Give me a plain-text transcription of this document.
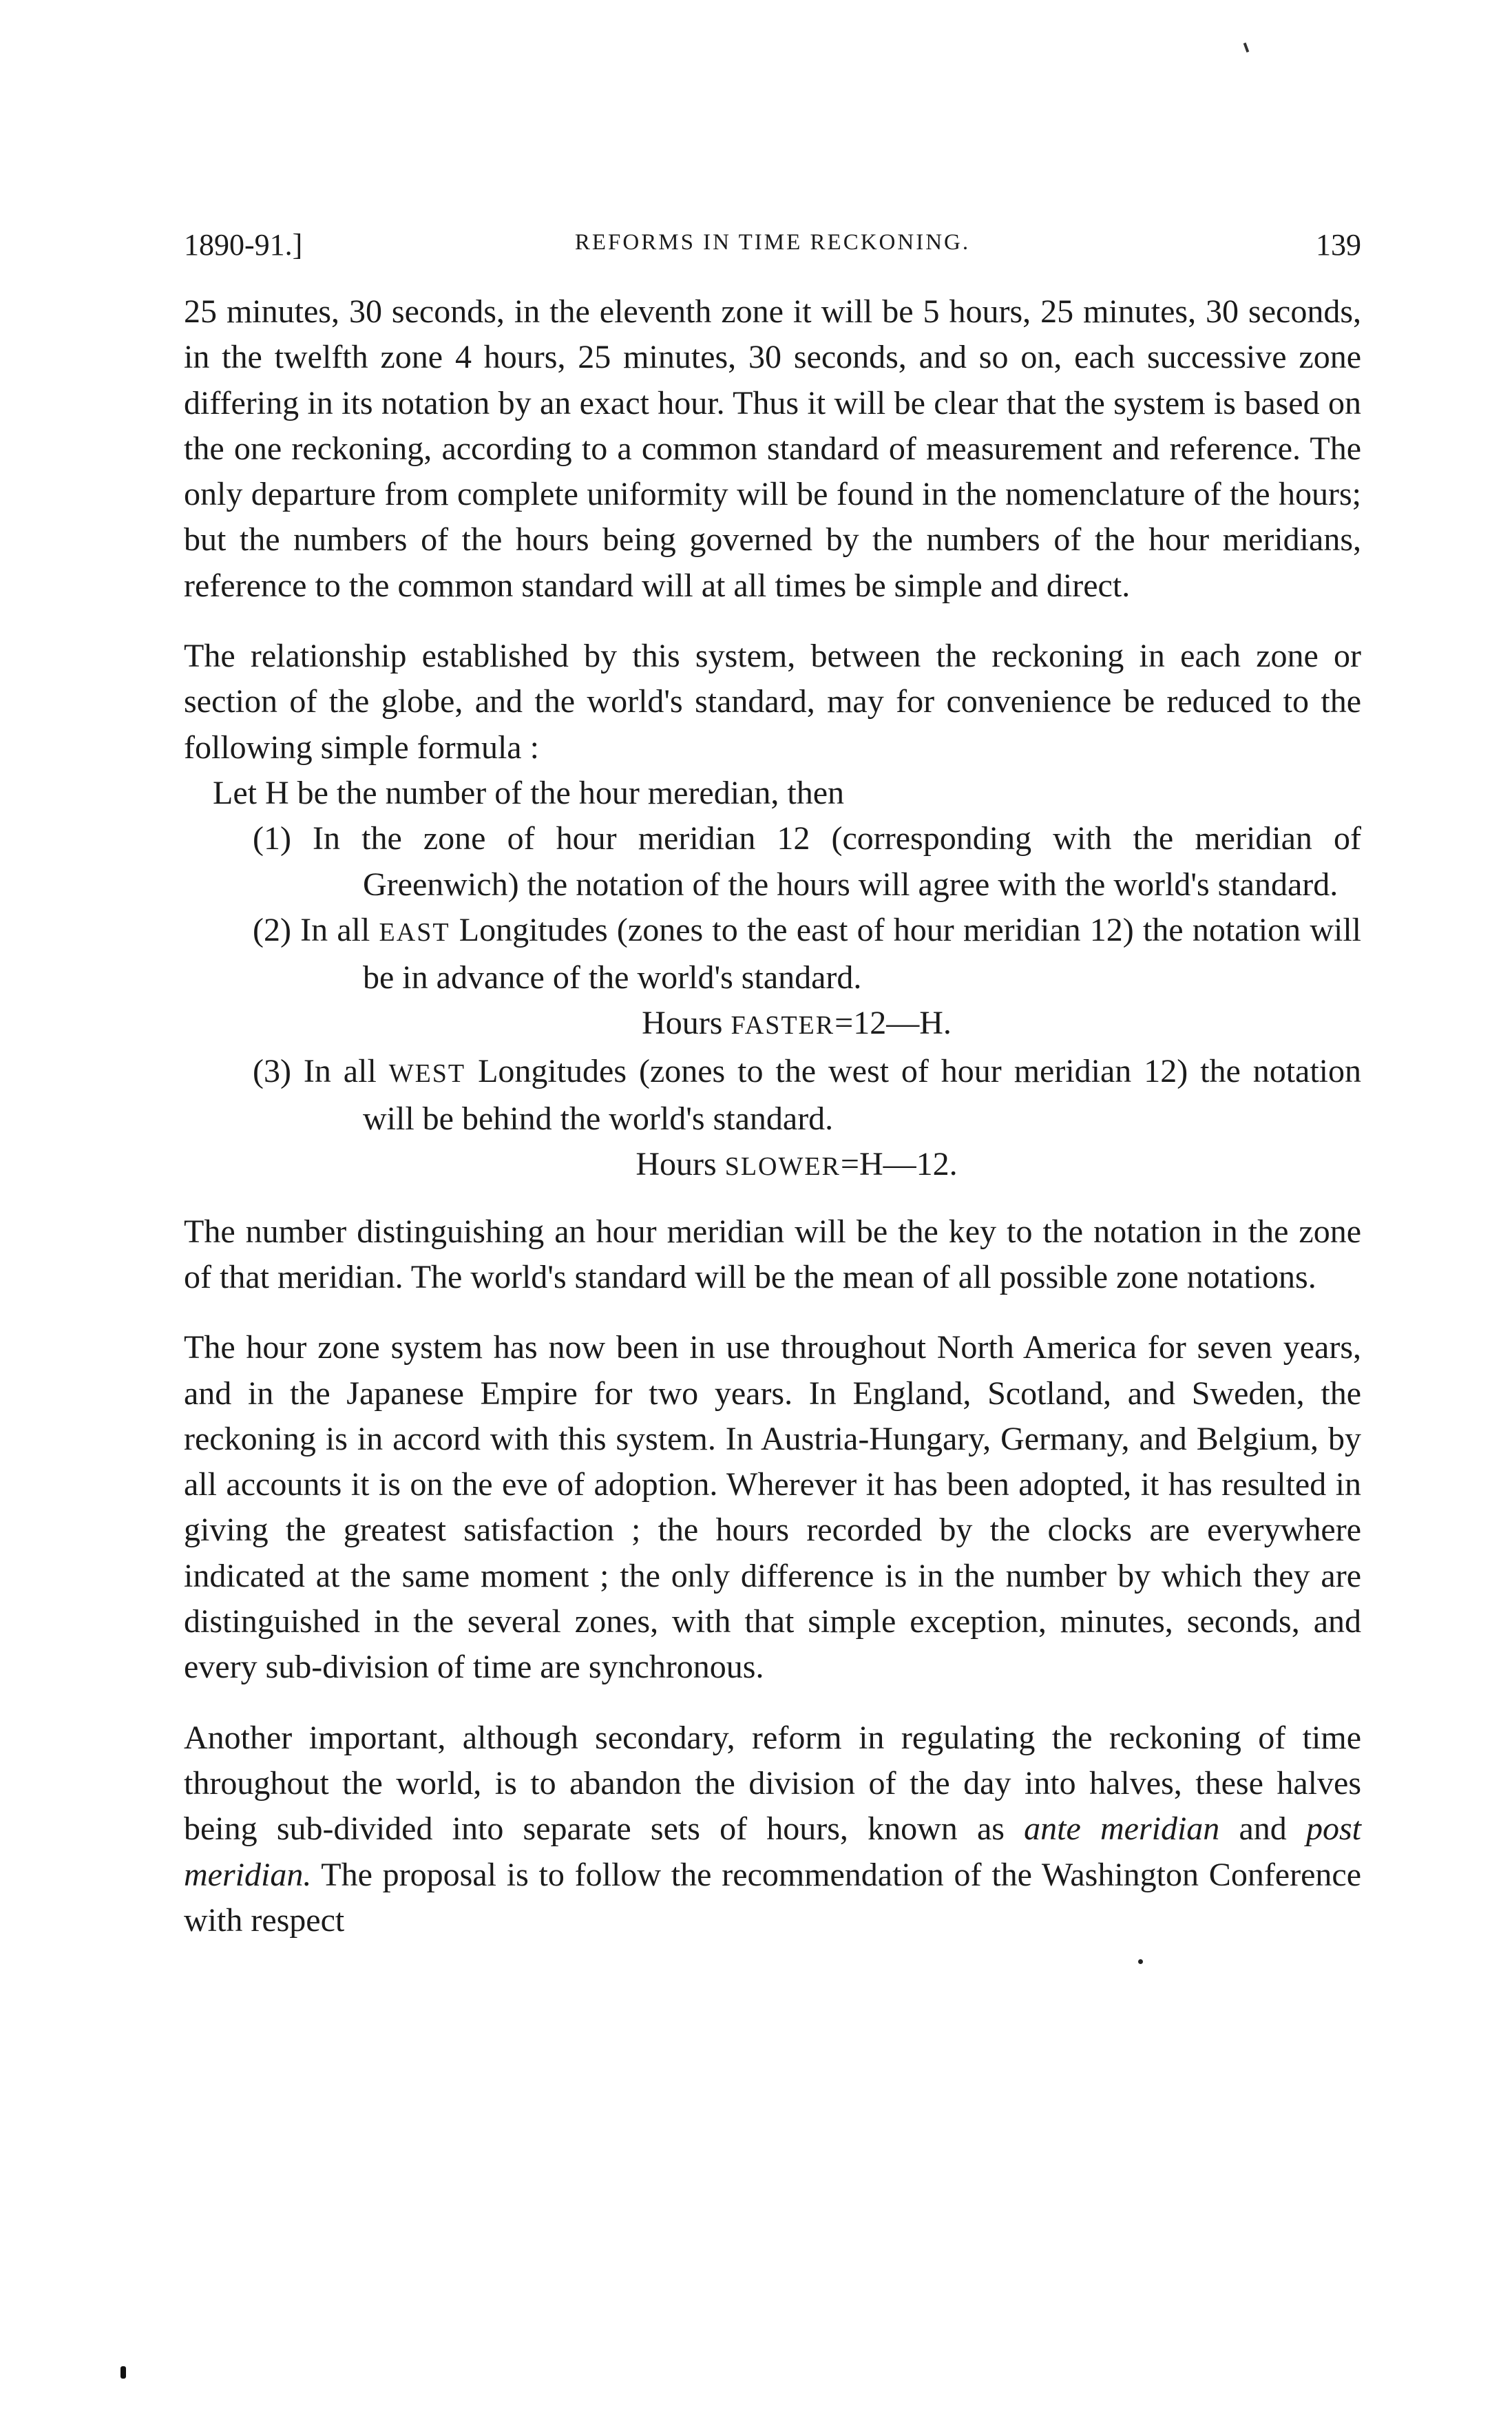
1890-91.]	REFORMS IN TIME RECKONING.	139

25 minutes, 30 seconds, in the eleventh zone it will be 5 hours, 25 minutes, 30 seconds, in the twelfth zone 4 hours, 25 minutes, 30 seconds, and so on, each successive zone differing in its notation by an exact hour. Thus it will be clear that the system is based on the one reckoning, according to a common standard of measurement and reference. The only departure from complete uniformity will be found in the nomenclature of the hours; but the numbers of the hours being governed by the numbers of the hour meridians, reference to the common standard will at all times be simple and direct.

The relationship established by this system, between the reckoning in each zone or section of the globe, and the world's standard, may for convenience be reduced to the following simple formula :

Let H be the number of the hour meredian, then

(1) In the zone of hour meridian 12 (corresponding with the meridian of Greenwich) the notation of the hours will agree with the world's standard.

(2) In all EAST Longitudes (zones to the east of hour meridian 12) the notation will be in advance of the world's standard.

Hours FASTER=12—H.

(3) In all WEST Longitudes (zones to the west of hour meridian 12) the notation will be behind the world's standard.

Hours SLOWER=H—12.

The number distinguishing an hour meridian will be the key to the notation in the zone of that meridian. The world's standard will be the mean of all possible zone notations.

The hour zone system has now been in use throughout North America for seven years, and in the Japanese Empire for two years. In England, Scotland, and Sweden, the reckoning is in accord with this system. In Austria-Hungary, Germany, and Belgium, by all accounts it is on the eve of adoption. Wherever it has been adopted, it has resulted in giving the greatest satisfaction ; the hours recorded by the clocks are everywhere indicated at the same moment ; the only difference is in the number by which they are distinguished in the several zones, with that simple exception, minutes, seconds, and every sub-division of time are synchronous.

Another important, although secondary, reform in regulating the reckoning of time throughout the world, is to abandon the division of the day into halves, these halves being sub-divided into separate sets of hours, known as ante meridian and post meridian. The proposal is to follow the recommendation of the Washington Conference with respect
